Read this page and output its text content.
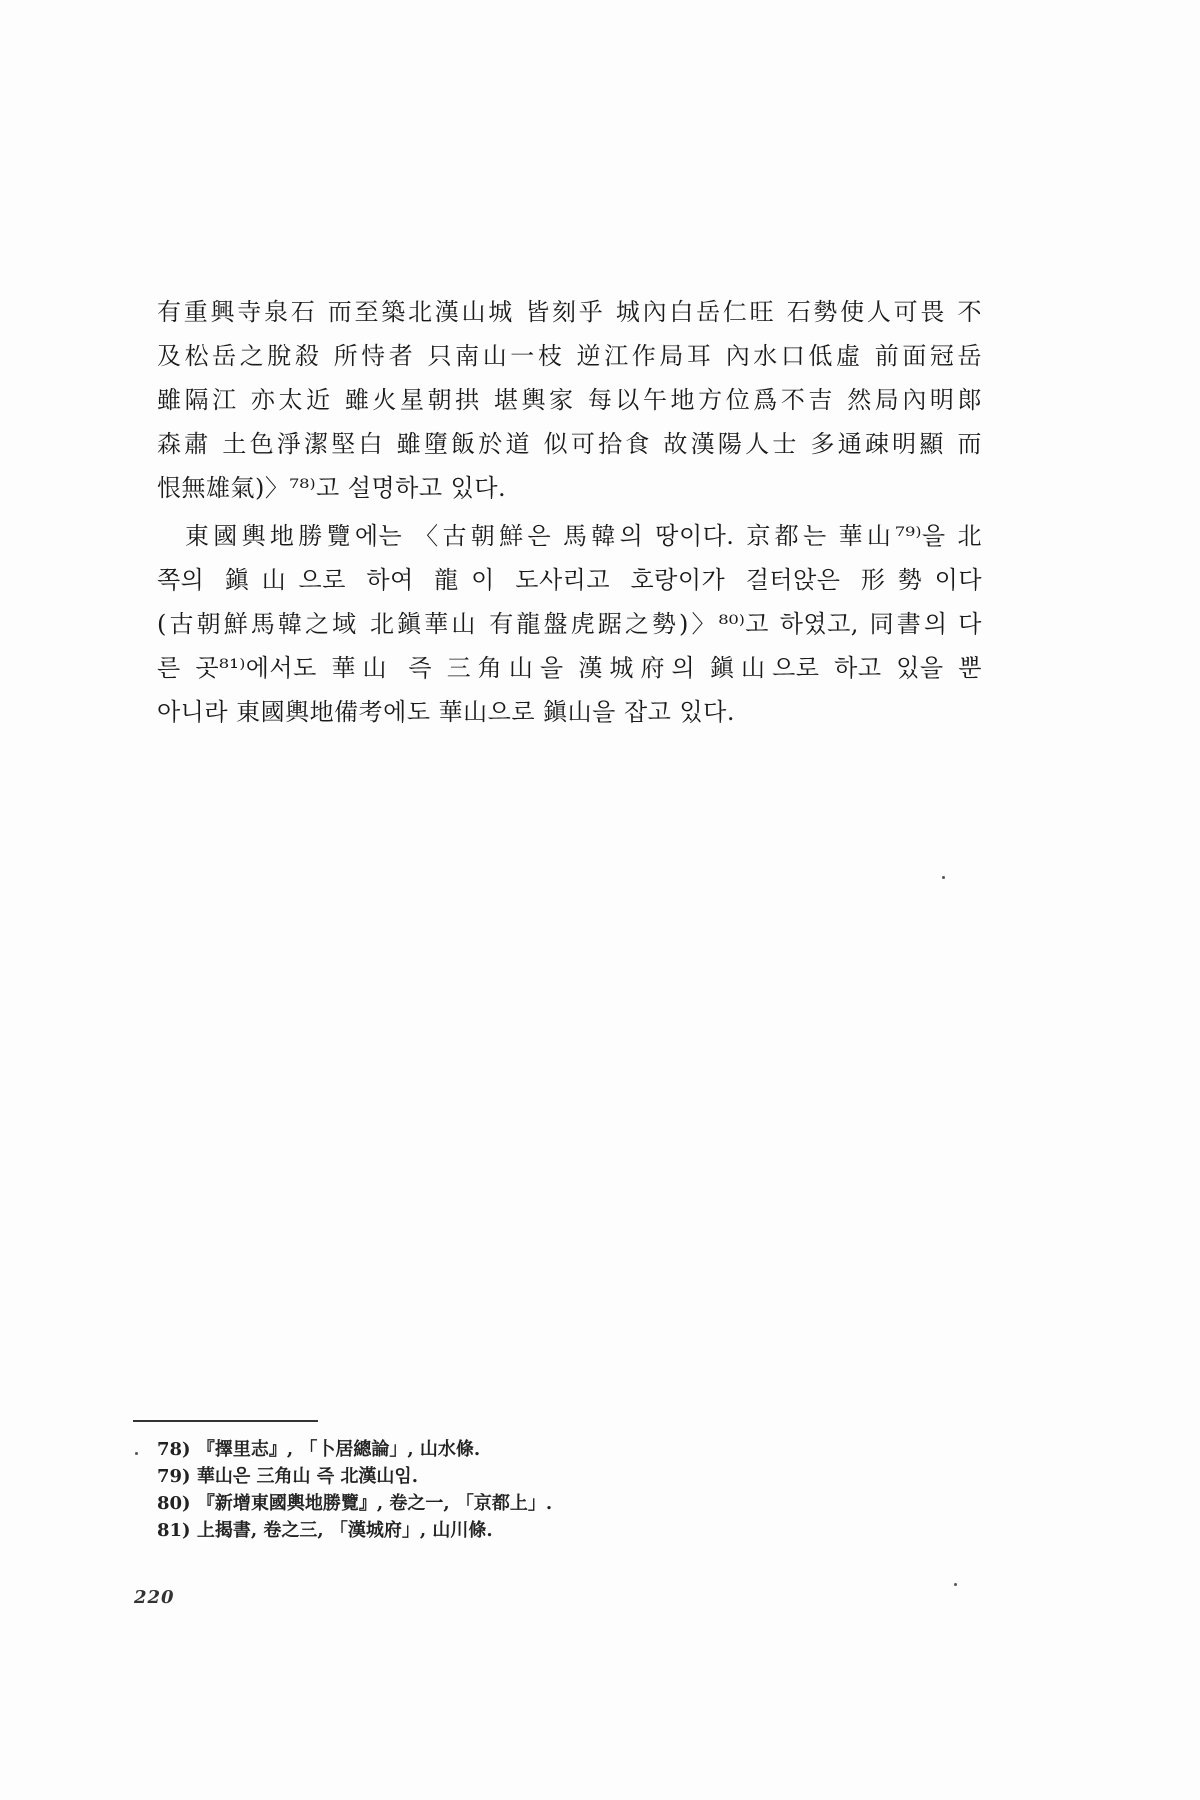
有重興寺泉石 而至築北漢山城 皆刻乎 城內白岳仁旺 石勢使人可畏 不
及松岳之脫殺 所恃者 只南山一枝 逆江作局耳 內水口低虛 前面冠岳
雖隔江 亦太近 雖火星朝拱 堪輿家 每以午地方位爲不吉 然局內明郞
森肅 土色淨潔堅白 雖墮飯於道 似可拾食 故漢陽人士 多通疎明顯 而
恨無雄氣)〉⁷⁸⁾고 설명하고 있다.
東國輿地勝覽에는 〈古朝鮮은 馬韓의 땅이다. 京都는 華山⁷⁹⁾을 北
쪽의 鎭山으로 하여 龍이 도사리고 호랑이가 걸터앉은 形勢이다
(古朝鮮馬韓之域 北鎭華山 有龍盤虎踞之勢)〉⁸⁰⁾고 하였고, 同書의 다
른 곳⁸¹⁾에서도 華山 즉 三角山을 漢城府의 鎭山으로 하고 있을 뿐
아니라 東國輿地備考에도 華山으로 鎭山을 잡고 있다.
78) 『擇里志』, 「卜居總論」, 山水條.
79) 華山은 三角山 즉 北漢山임.
80) 『新增東國輿地勝覽』, 卷之一, 「京都上」.
81) 上揭書, 卷之三, 「漢城府」, 山川條.
220
